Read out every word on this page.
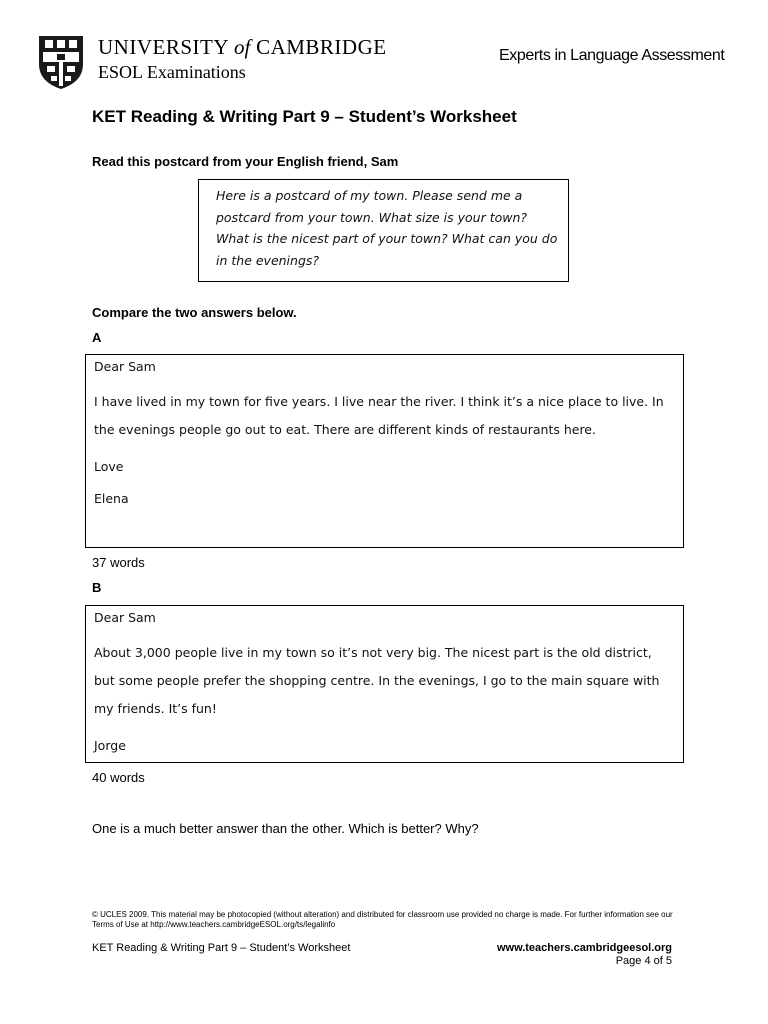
UNIVERSITY of CAMBRIDGE
ESOL Examinations
Experts in Language Assessment
KET Reading & Writing Part 9 – Student’s Worksheet
Read this postcard from your English friend, Sam

Here is a postcard of my town. Please send me a postcard from your town. What size is your town? What is the nicest part of your town? What can you do in the evenings?

Compare the two answers below.
A

Dear Sam

I have lived in my town for five years. I live near the river. I think it’s a nice place to live. In the evenings people go out to eat. There are different kinds of restaurants here.

Love

Elena

37 words
B

Dear Sam

About 3,000 people live in my town so it’s not very big. The nicest part is the old district, but some people prefer the shopping centre. In the evenings, I go to the main square with my friends. It’s fun!

Jorge

40 words
One is a much better answer than the other. Which is better? Why?
© UCLES 2009. This material may be photocopied (without alteration) and distributed for classroom use provided no charge is made. For further information see our Terms of Use at http://www.teachers.cambridgeESOL.org/ts/legalinfo
KET Reading & Writing Part 9 – Student’s Worksheet	www.teachers.cambridgeesol.org
Page 4 of 5
